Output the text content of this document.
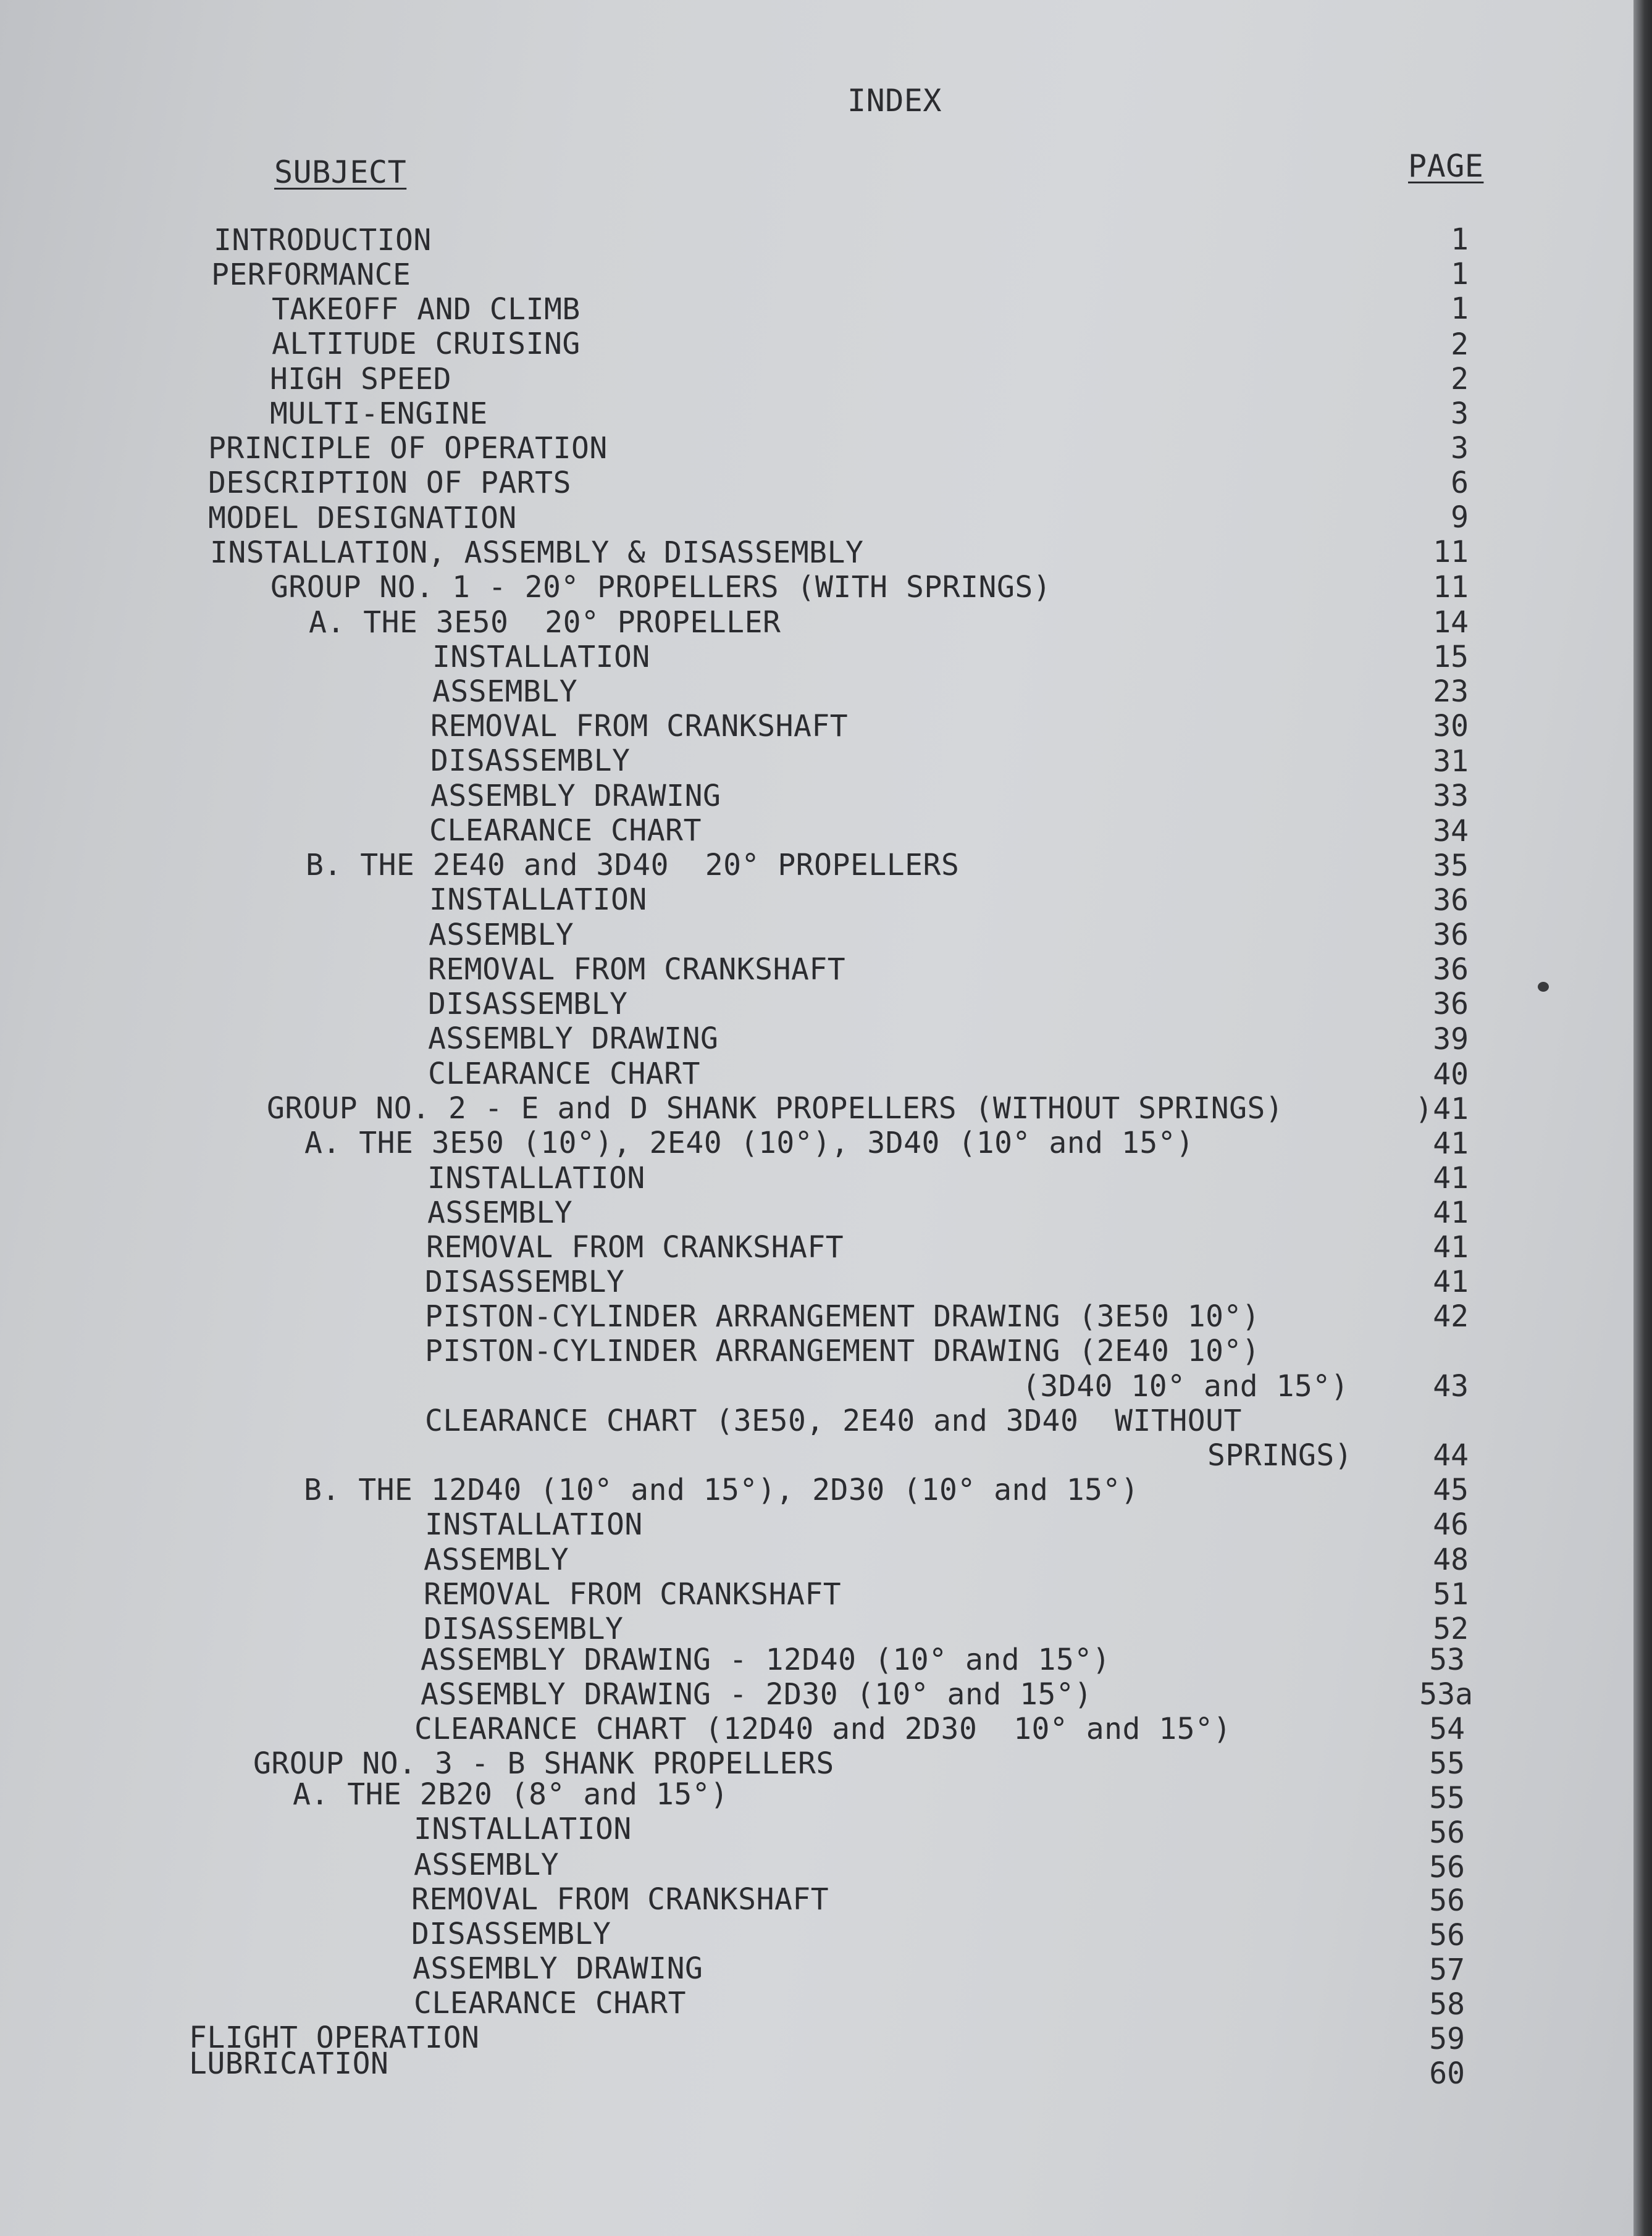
INTRODUCTION
PERFORMANCE
TAKEOFF AND CLIMB
ALTITUDE CRUISING
HIGH SPEED
MULTI-ENGINE
PRINCIPLE OF OPERATION
DESCRIPTION OF PARTS
MODEL DESIGNATION
INSTALLATION, ASSEMBLY & DISASSEMBLY
GROUP NO. 1 - 20° PROPELLERS (WITH SPRINGS)
A. THE 3E50  20° PROPELLER
INSTALLATION
ASSEMBLY
REMOVAL FROM CRANKSHAFT
DISASSEMBLY
ASSEMBLY DRAWING
CLEARANCE CHART
B. THE 2E40 and 3D40  20° PROPELLERS
INSTALLATION
ASSEMBLY
REMOVAL FROM CRANKSHAFT
DISASSEMBLY
ASSEMBLY DRAWING
CLEARANCE CHART
GROUP NO. 2 - E and D SHANK PROPELLERS (WITHOUT SPRINGS)
A. THE 3E50 (10°), 2E40 (10°), 3D40 (10° and 15°)
INSTALLATION
ASSEMBLY
REMOVAL FROM CRANKSHAFT
DISASSEMBLY
PISTON-CYLINDER ARRANGEMENT DRAWING (3E50 10°)
PISTON-CYLINDER ARRANGEMENT DRAWING (2E40 10°)
(3D40 10° and 15°)
CLEARANCE CHART (3E50, 2E40 and 3D40  WITHOUT
SPRINGS)
B. THE 12D40 (10° and 15°), 2D30 (10° and 15°)
INSTALLATION
ASSEMBLY
REMOVAL FROM CRANKSHAFT
DISASSEMBLY
ASSEMBLY DRAWING - 12D40 (10° and 15°)
ASSEMBLY DRAWING - 2D30 (10° and 15°)
CLEARANCE CHART (12D40 and 2D30  10° and 15°)
GROUP NO. 3 - B SHANK PROPELLERS
A. THE 2B20 (8° and 15°)
INSTALLATION
ASSEMBLY
REMOVAL FROM CRANKSHAFT
DISASSEMBLY
ASSEMBLY DRAWING
CLEARANCE CHART
FLIGHT OPERATION
LUBRICATION
1
1
1
2
2
3
3
6
9
11
11
14
15
23
30
31
33
34
35
36
36
36
36
39
40
)41
41
41
41
41
41
42
43
44
45
46
48
51
52
53
53a
54
55
55
56
56
56
56
57
58
59
60
INDEX
SUBJECT	PAGE
